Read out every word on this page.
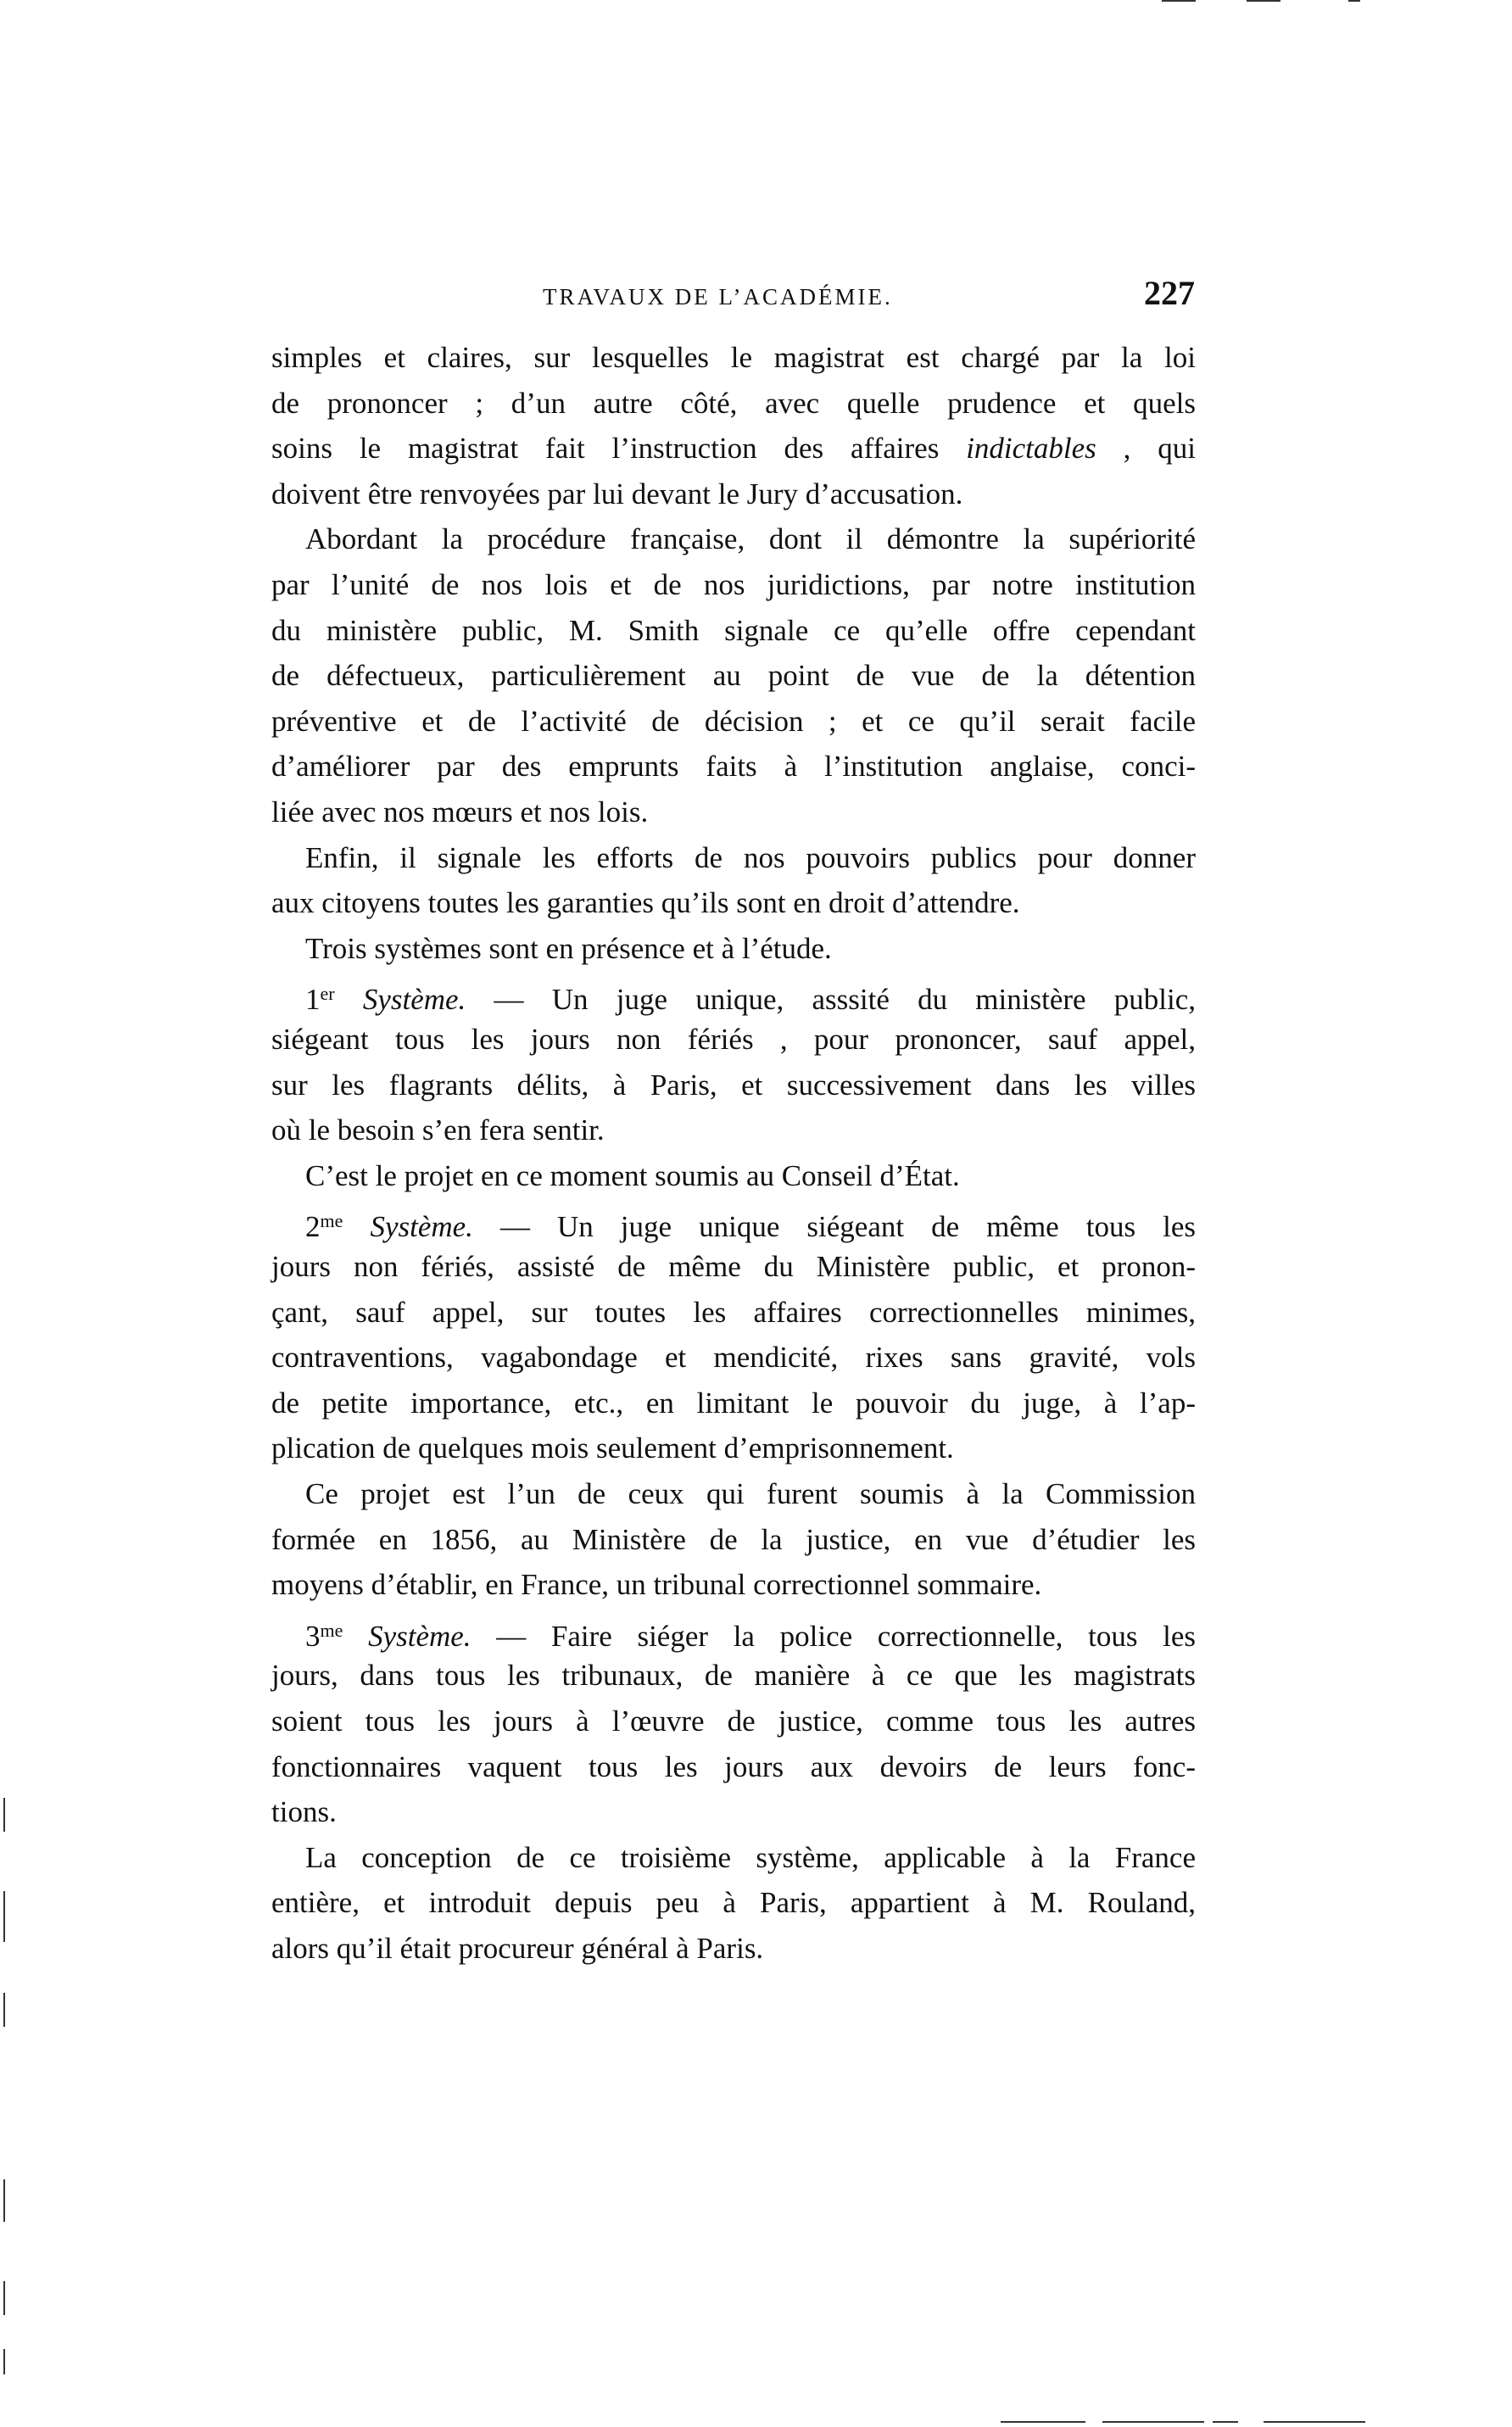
TRAVAUX DE L’ACADÉMIE.	227
simples et claires, sur lesquelles le magistrat est chargé par la loi
de prononcer ; d’un autre côté, avec quelle prudence et quels
soins le magistrat fait l’instruction des affaires indictables , qui
doivent être renvoyées par lui devant le Jury d’accusation.
Abordant la procédure française, dont il démontre la supériorité
par l’unité de nos lois et de nos juridictions, par notre institution
du ministère public, M. Smith signale ce qu’elle offre cependant
de défectueux, particulièrement au point de vue de la détention
préventive et de l’activité de décision ; et ce qu’il serait facile
d’améliorer par des emprunts faits à l’institution anglaise, conci-
liée avec nos mœurs et nos lois.
Enfin, il signale les efforts de nos pouvoirs publics pour donner
aux citoyens toutes les garanties qu’ils sont en droit d’attendre.
Trois systèmes sont en présence et à l’étude.
1er Système. — Un juge unique, asssité du ministère public,
siégeant tous les jours non fériés , pour prononcer, sauf appel,
sur les flagrants délits, à Paris, et successivement dans les villes
où le besoin s’en fera sentir.
C’est le projet en ce moment soumis au Conseil d’État.
$2^{me}$ Système. — Un juge unique siégeant de même tous les
jours non fériés, assisté de même du Ministère public, et pronon-
çant, sauf appel, sur toutes les affaires correctionnelles minimes,
contraventions, vagabondage et mendicité, rixes sans gravité, vols
de petite importance, etc., en limitant le pouvoir du juge, à l’ap-
plication de quelques mois seulement d’emprisonnement.
Ce projet est l’un de ceux qui furent soumis à la Commission
formée en 1856, au Ministère de la justice, en vue d’étudier les
moyens d’établir, en France, un tribunal correctionnel sommaire.
$3^{me}$ Système. — Faire siéger la police correctionnelle, tous les
jours, dans tous les tribunaux, de manière à ce que les magistrats
soient tous les jours à l’œuvre de justice, comme tous les autres
fonctionnaires vaquent tous les jours aux devoirs de leurs fonc-
tions.
La conception de ce troisième système, applicable à la France
entière, et introduit depuis peu à Paris, appartient à M. Rouland,
alors qu’il était procureur général à Paris.
